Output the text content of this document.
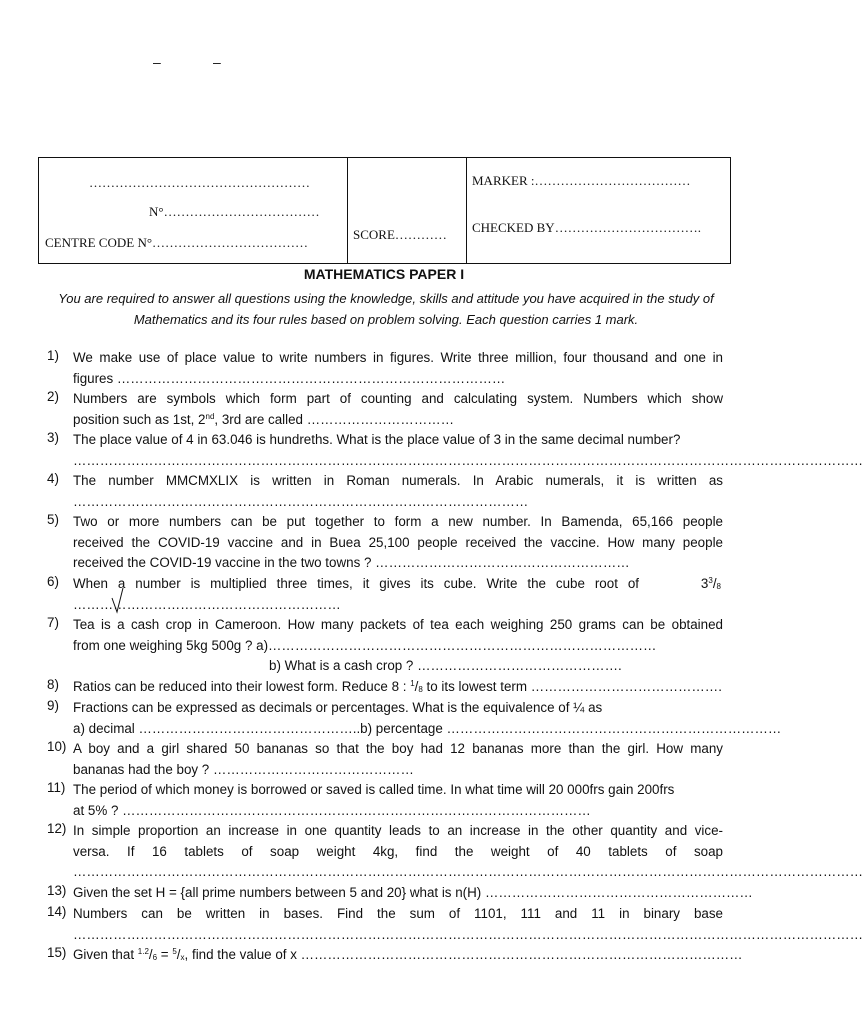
–	–
……………………………………………
N°………………………………
CENTRE CODE N°………………………………
SCORE…………
MARKER :………………………………
CHECKED BY…………………………….
MATHEMATICS PAPER I
You are required to answer all questions using the knowledge, skills and attitude you have acquired in the study of Mathematics and its four rules based on problem solving. Each question carries 1 mark.
1)	We make use of place value to write numbers in figures. Write three million, four thousand and one in
figures ……………………………………………………………………………
2)	Numbers are symbols which form part of counting and calculating system. Numbers which show
position such as 1st, 2nd, 3rd are called ……………………………
3)	The place value of 4 in 63.046 is hundreths. What is the place value of 3 in the same decimal number?
……………………………………………………………………………………………………………………………………………………………
4)	The number MMCMXLIX is written in Roman numerals. In Arabic numerals, it is written as
…………………………………………………………………………………………
5)	Two or more numbers can be put together to form a new number. In Bamenda, 65,166 people
received the COVID-19 vaccine and in Buea 25,100 people received the vaccine. How many people
received the COVID-19 vaccine in the two towns ? …………………………………………………
6)	When a number is multiplied three times, it gives its cube. Write the cube root of	$3^3/_8$
……………………………………………………
7)	Tea is a cash crop in Cameroon. How many packets of tea each weighing 250 grams can be obtained
from one weighing 5kg 500g ? a)……………………………………………………………………………
b) What is a cash crop ? ……………………………………….
8)	Ratios can be reduced into their lowest form. Reduce 8 : $^1/_8$ to its lowest term …………………………………….
9)	Fractions can be expressed as decimals or percentages. What is the equivalence of ¼ as
a) decimal …………………………………………..b) percentage …………………………………………………………………
10) A boy and a girl shared 50 bananas so that the boy had 12 bananas more than the girl. How many
bananas had the boy ? ………………………………………
11) The period of which money is borrowed or saved is called time. In what time will 20 000frs gain 200frs
at 5% ? ……………………………………………………………………………………………
12) In simple proportion an increase in one quantity leads to an increase in the other quantity and vice-
versa. If 16 tablets of soap weight 4kg, find the weight of 40 tablets of soap
……………………………………………………………………………………………………………………………………………………………
13) Given the set H = {all prime numbers between 5 and 20} what is n(H) ……………………………………………………
14) Numbers can be written in bases. Find the sum of 1101, 111 and 11 in binary base
……………………………………………………………………………………………………………………………………………………………
15) Given that $^{1.2}/_6 = ^5/_x$, find the value of x ………………………………………………………………………………………
